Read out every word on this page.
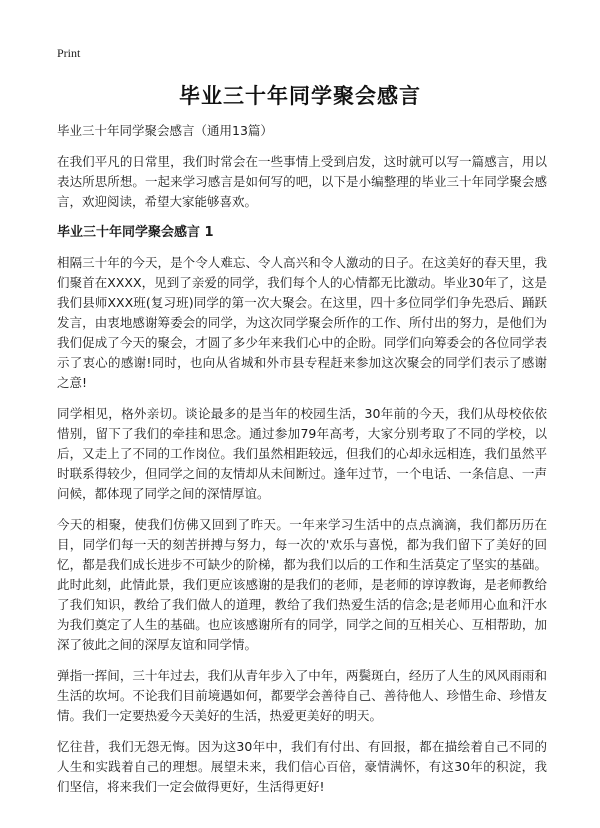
Print
毕业三十年同学聚会感言

毕业三十年同学聚会感言（通用13篇）

在我们平凡的日常里，我们时常会在一些事情上受到启发，这时就可以写一篇感言，用以表达所思所想。一起来学习感言是如何写的吧，以下是小编整理的毕业三十年同学聚会感言，欢迎阅读，希望大家能够喜欢。

毕业三十年同学聚会感言 1

相隔三十年的今天，是个令人难忘、令人高兴和令人激动的日子。在这美好的春天里，我们聚首在XXXX，见到了亲爱的同学，我们每个人的心情都无比激动。毕业30年了，这是我们县师XXX班(复习班)同学的第一次大聚会。在这里，四十多位同学们争先恐后、踊跃发言，由衷地感谢筹委会的同学，为这次同学聚会所作的工作、所付出的努力，是他们为我们促成了今天的聚会，才圆了多少年来我们心中的企盼。同学们向筹委会的各位同学表示了衷心的感谢!同时，也向从省城和外市县专程赶来参加这次聚会的同学们表示了感谢之意!

同学相见，格外亲切。谈论最多的是当年的校园生活，30年前的今天，我们从母校依依惜别，留下了我们的牵挂和思念。通过参加79年高考，大家分别考取了不同的学校，以后，又走上了不同的工作岗位。我们虽然相距较远，但我们的心却永远相连，我们虽然平时联系得较少，但同学之间的友情却从未间断过。逢年过节，一个电话、一条信息、一声问候，都体现了同学之间的深情厚谊。

今天的相聚，使我们仿佛又回到了昨天。一年来学习生活中的点点滴滴，我们都历历在目，同学们每一天的刻苦拼搏与努力，每一次的'欢乐与喜悦，都为我们留下了美好的回忆，都是我们成长进步不可缺少的阶梯，都为我们以后的工作和生活莫定了坚实的基础。此时此刻，此情此景，我们更应该感谢的是我们的老师，是老师的谆谆教诲，是老师教给了我们知识，教给了我们做人的道理，教给了我们热爱生活的信念;是老师用心血和汗水为我们奠定了人生的基础。也应该感谢所有的同学，同学之间的互相关心、互相帮助，加深了彼此之间的深厚友谊和同学情。

弹指一挥间，三十年过去，我们从青年步入了中年，两鬓斑白，经历了人生的风风雨雨和生活的坎坷。不论我们目前境遇如何，都要学会善待自己、善待他人、珍惜生命、珍惜友情。我们一定要热爱今天美好的生活，热爱更美好的明天。

忆往昔，我们无怨无悔。因为这30年中，我们有付出、有回报，都在描绘着自己不同的人生和实践着自己的理想。展望未来，我们信心百倍，豪情满怀，有这30年的积淀，我们坚信，将来我们一定会做得更好，生活得更好!
